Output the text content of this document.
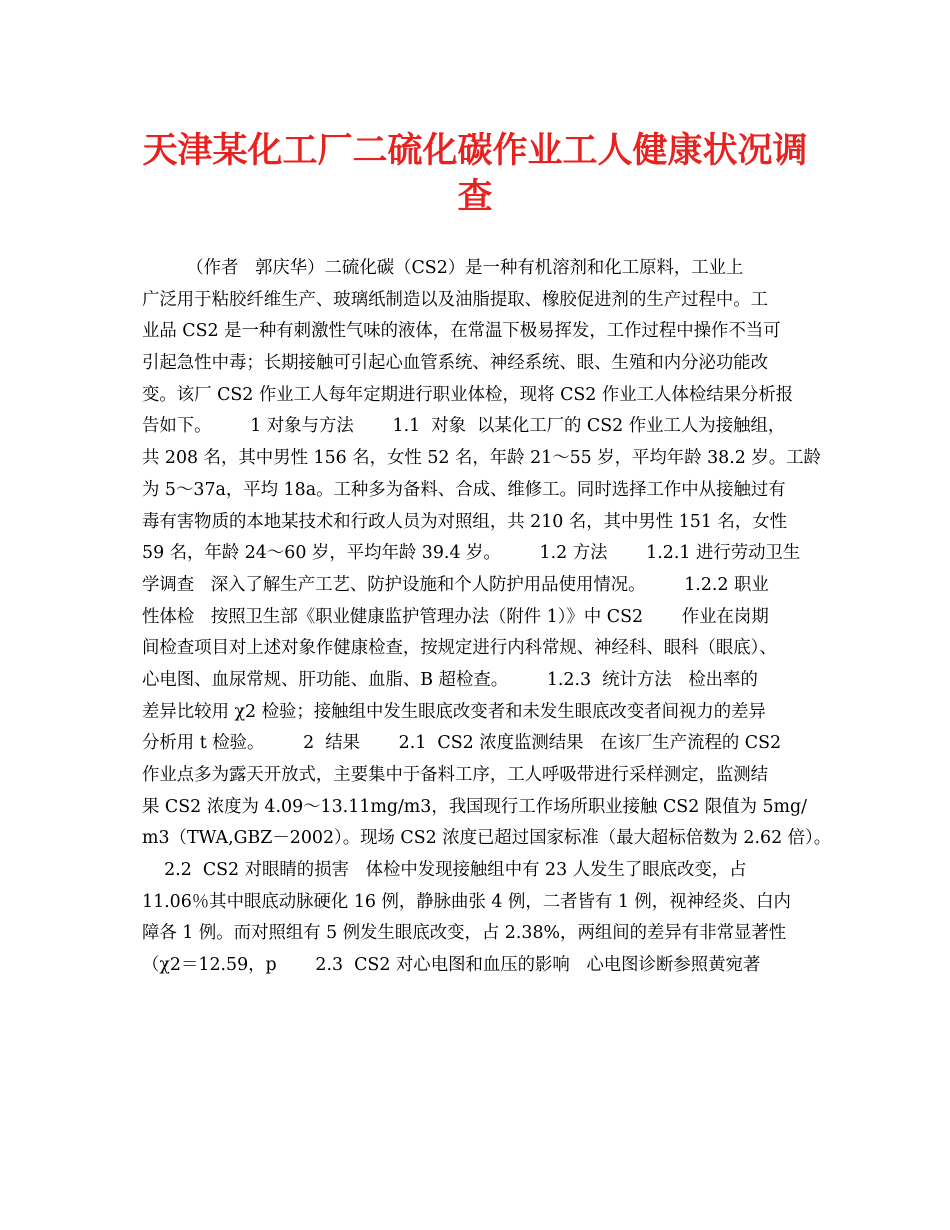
天津某化工厂二硫化碳作业工人健康状况调
查
（作者   郭庆华）二硫化碳（CS2）是一种有机溶剂和化工原料，工业上
广泛用于粘胶纤维生产、玻璃纸制造以及油脂提取、橡胶促进剂的生产过程中。工
业品 CS2 是一种有刺激性气味的液体，在常温下极易挥发，工作过程中操作不当可
引起急性中毒；长期接触可引起心血管系统、神经系统、眼、生殖和内分泌功能改
变。该厂 CS2 作业工人每年定期进行职业体检，现将 CS2 作业工人体检结果分析报
告如下。       1 对象与方法       1.1  对象  以某化工厂的 CS2 作业工人为接触组，
共 208 名，其中男性 156 名，女性 52 名，年龄 21～55 岁，平均年龄 38.2 岁。工龄
为 5～37a，平均 18a。工种多为备料、合成、维修工。同时选择工作中从接触过有
毒有害物质的本地某技术和行政人员为对照组，共 210 名，其中男性 151 名，女性
59 名，年龄 24～60 岁，平均年龄 39.4 岁。       1.2 方法       1.2.1 进行劳动卫生
学调查   深入了解生产工艺、防护设施和个人防护用品使用情况。       1.2.2 职业
性体检   按照卫生部《职业健康监护管理办法（附件 1）》中 CS2       作业在岗期
间检查项目对上述对象作健康检查，按规定进行内科常规、神经科、眼科（眼底）、
心电图、血尿常规、肝功能、血脂、B 超检查。       1.2.3  统计方法   检出率的
差异比较用 χ2 检验；接触组中发生眼底改变者和未发生眼底改变者间视力的差异
分析用 t 检验。       2  结果       2.1  CS2 浓度监测结果   在该厂生产流程的 CS2
作业点多为露天开放式，主要集中于备料工序，工人呼吸带进行采样测定，监测结
果 CS2 浓度为 4.09～13.11mg/m3，我国现行工作场所职业接触 CS2 限值为 5mg/
m3（TWA,GBZ－2002）。现场 CS2 浓度已超过国家标准（最大超标倍数为 2.62 倍）。
2.2  CS2 对眼睛的损害   体检中发现接触组中有 23 人发生了眼底改变，占
11.06％其中眼底动脉硬化 16 例，静脉曲张 4 例，二者皆有 1 例，视神经炎、白内
障各 1 例。而对照组有 5 例发生眼底改变，占 2.38%，两组间的差异有非常显著性
（χ2＝12.59，p       2.3  CS2 对心电图和血压的影响   心电图诊断参照黄宛著
